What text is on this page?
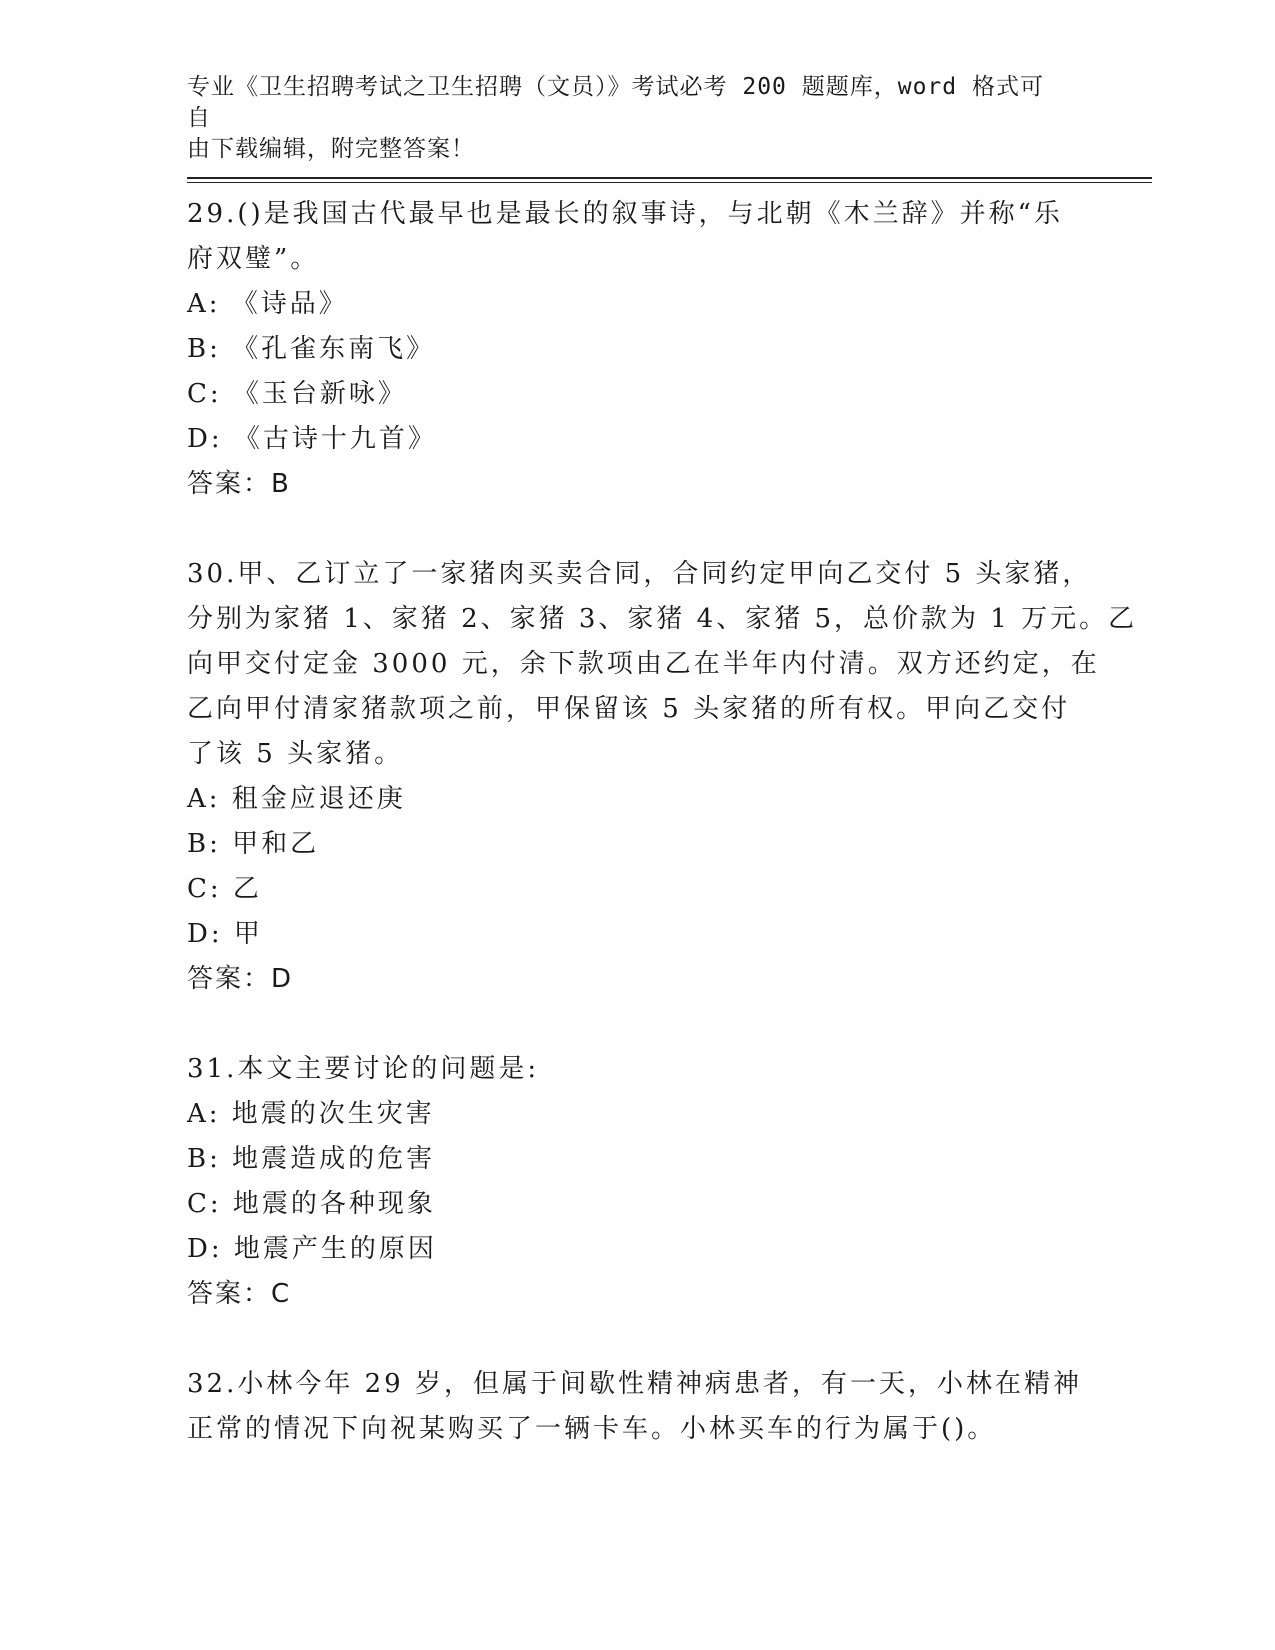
专业《卫生招聘考试之卫生招聘（文员）》考试必考 200 题题库，word 格式可自
由下载编辑，附完整答案！
29.()是我国古代最早也是最长的叙事诗，与北朝《木兰辞》并称“乐
府双璧”。
A: 《诗品》
B: 《孔雀东南飞》
C: 《玉台新咏》
D: 《古诗十九首》
答案：B
30.甲、乙订立了一家猪肉买卖合同，合同约定甲向乙交付 5 头家猪，
分别为家猪 1、家猪 2、家猪 3、家猪 4、家猪 5，总价款为 1 万元。乙
向甲交付定金 3000 元，余下款项由乙在半年内付清。双方还约定，在
乙向甲付清家猪款项之前，甲保留该 5 头家猪的所有权。甲向乙交付
了该 5 头家猪。
A: 租金应退还庚
B: 甲和乙
C: 乙
D: 甲
答案：D
31.本文主要讨论的问题是:
A: 地震的次生灾害
B: 地震造成的危害
C: 地震的各种现象
D: 地震产生的原因
答案：C
32.小林今年 29 岁，但属于间歇性精神病患者，有一天，小林在精神
正常的情况下向祝某购买了一辆卡车。小林买车的行为属于()。
